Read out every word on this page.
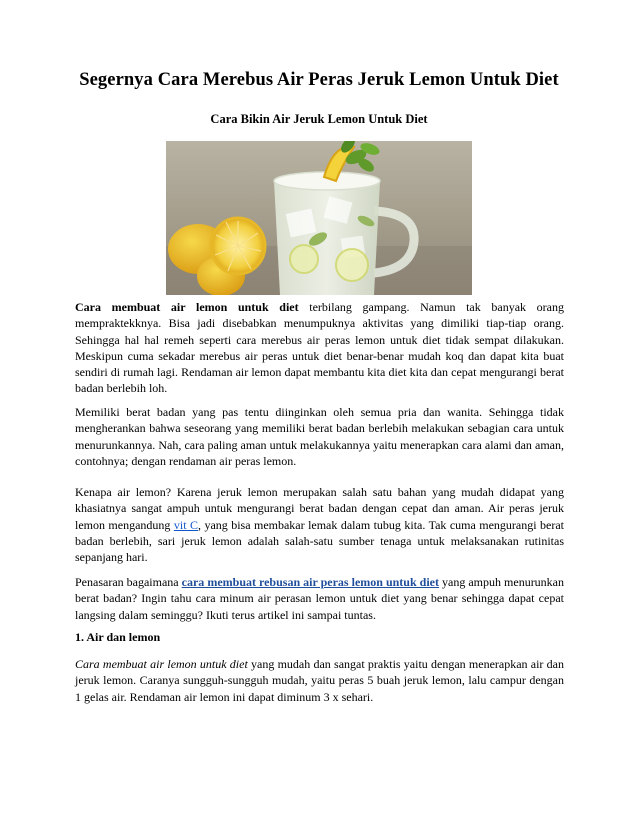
Segernya Cara Merebus Air Peras Jeruk Lemon Untuk Diet
Cara Bikin Air Jeruk Lemon Untuk Diet

Cara membuat air lemon untuk diet terbilang gampang. Namun tak banyak orang mempraktekknya. Bisa jadi disebabkan menumpuknya aktivitas yang dimiliki tiap-tiap orang. Sehingga hal hal remeh seperti cara merebus air peras lemon untuk diet tidak sempat dilakukan. Meskipun cuma sekadar merebus air peras untuk diet benar-benar mudah koq dan dapat kita buat sendiri di rumah lagi. Rendaman air lemon dapat membantu kita diet kita dan cepat mengurangi berat badan berlebih loh.

Memiliki berat badan yang pas tentu diinginkan oleh semua pria dan wanita. Sehingga tidak mengherankan bahwa seseorang yang memiliki berat badan berlebih melakukan sebagian cara untuk menurunkannya. Nah, cara paling aman untuk melakukannya yaitu menerapkan cara alami dan aman, contohnya; dengan rendaman air peras lemon.

Kenapa air lemon? Karena jeruk lemon merupakan salah satu bahan yang mudah didapat yang khasiatnya sangat ampuh untuk mengurangi berat badan dengan cepat dan aman. Air peras jeruk lemon mengandung vit C, yang bisa membakar lemak dalam tubug kita. Tak cuma mengurangi berat badan berlebih, sari jeruk lemon adalah salah-satu sumber tenaga untuk melaksanakan rutinitas sepanjang hari.

Penasaran bagaimana cara membuat rebusan air peras lemon untuk diet yang ampuh menurunkan berat badan? Ingin tahu cara minum air perasan lemon untuk diet yang benar sehingga dapat cepat langsing dalam seminggu? Ikuti terus artikel ini sampai tuntas.

1. Air dan lemon

Cara membuat air lemon untuk diet yang mudah dan sangat praktis yaitu dengan menerapkan air dan jeruk lemon. Caranya sungguh-sungguh mudah, yaitu peras 5 buah jeruk lemon, lalu campur dengan 1 gelas air. Rendaman air lemon ini dapat diminum 3 x sehari.
